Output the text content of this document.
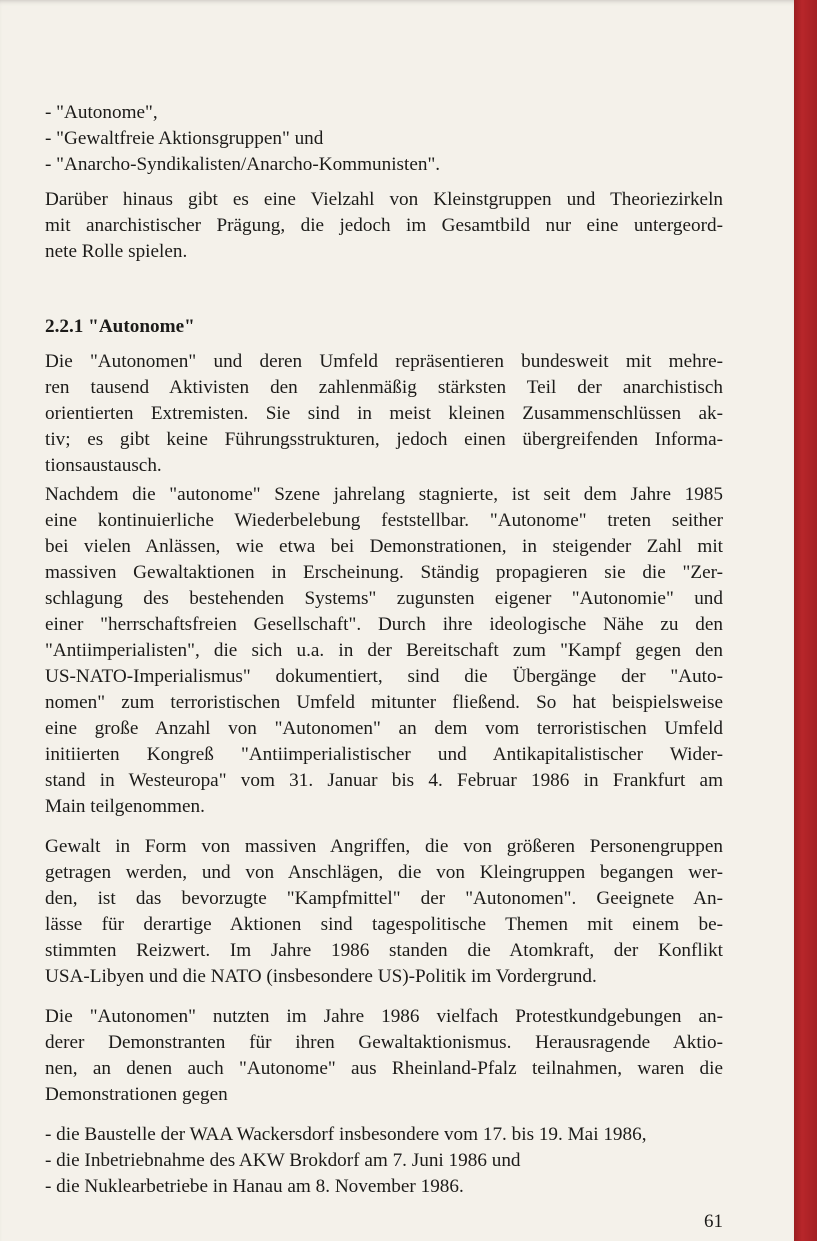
- "Autonome",

- "Gewaltfreie Aktionsgruppen" und

- "Anarcho-Syndikalisten/Anarcho-Kommunisten".

Darüber hinaus gibt es eine Vielzahl von Kleinstgruppen und Theoriezirkeln

mit anarchistischer Prägung, die jedoch im Gesamtbild nur eine untergeord-

nete Rolle spielen.

2.2.1 "Autonome"

Die "Autonomen" und deren Umfeld repräsentieren bundesweit mit mehre-

ren tausend Aktivisten den zahlenmäßig stärksten Teil der anarchistisch

orientierten Extremisten. Sie sind in meist kleinen Zusammenschlüssen ak-

tiv; es gibt keine Führungsstrukturen, jedoch einen übergreifenden Informa-

tionsaustausch.

Nachdem die "autonome" Szene jahrelang stagnierte, ist seit dem Jahre 1985

eine kontinuierliche Wiederbelebung feststellbar. "Autonome" treten seither

bei vielen Anlässen, wie etwa bei Demonstrationen, in steigender Zahl mit

massiven Gewaltaktionen in Erscheinung. Ständig propagieren sie die "Zer-

schlagung des bestehenden Systems" zugunsten eigener "Autonomie" und

einer "herrschaftsfreien Gesellschaft". Durch ihre ideologische Nähe zu den

"Antiimperialisten", die sich u.a. in der Bereitschaft zum "Kampf gegen den

US-NATO-Imperialismus" dokumentiert, sind die Übergänge der "Auto-

nomen" zum terroristischen Umfeld mitunter fließend. So hat beispielsweise

eine große Anzahl von "Autonomen" an dem vom terroristischen Umfeld

initiierten Kongreß "Antiimperialistischer und Antikapitalistischer Wider-

stand in Westeuropa" vom 31. Januar bis 4. Februar 1986 in Frankfurt am

Main teilgenommen.

Gewalt in Form von massiven Angriffen, die von größeren Personengruppen

getragen werden, und von Anschlägen, die von Kleingruppen begangen wer-

den, ist das bevorzugte "Kampfmittel" der "Autonomen". Geeignete An-

lässe für derartige Aktionen sind tagespolitische Themen mit einem be-

stimmten Reizwert. Im Jahre 1986 standen die Atomkraft, der Konflikt

USA-Libyen und die NATO (insbesondere US)-Politik im Vordergrund.

Die "Autonomen" nutzten im Jahre 1986 vielfach Protestkundgebungen an-

derer Demonstranten für ihren Gewaltaktionismus. Herausragende Aktio-

nen, an denen auch "Autonome" aus Rheinland-Pfalz teilnahmen, waren die

Demonstrationen gegen

- die Baustelle der WAA Wackersdorf insbesondere vom 17. bis 19. Mai 1986,

- die Inbetriebnahme des AKW Brokdorf am 7. Juni 1986 und

- die Nuklearbetriebe in Hanau am 8. November 1986.

61
